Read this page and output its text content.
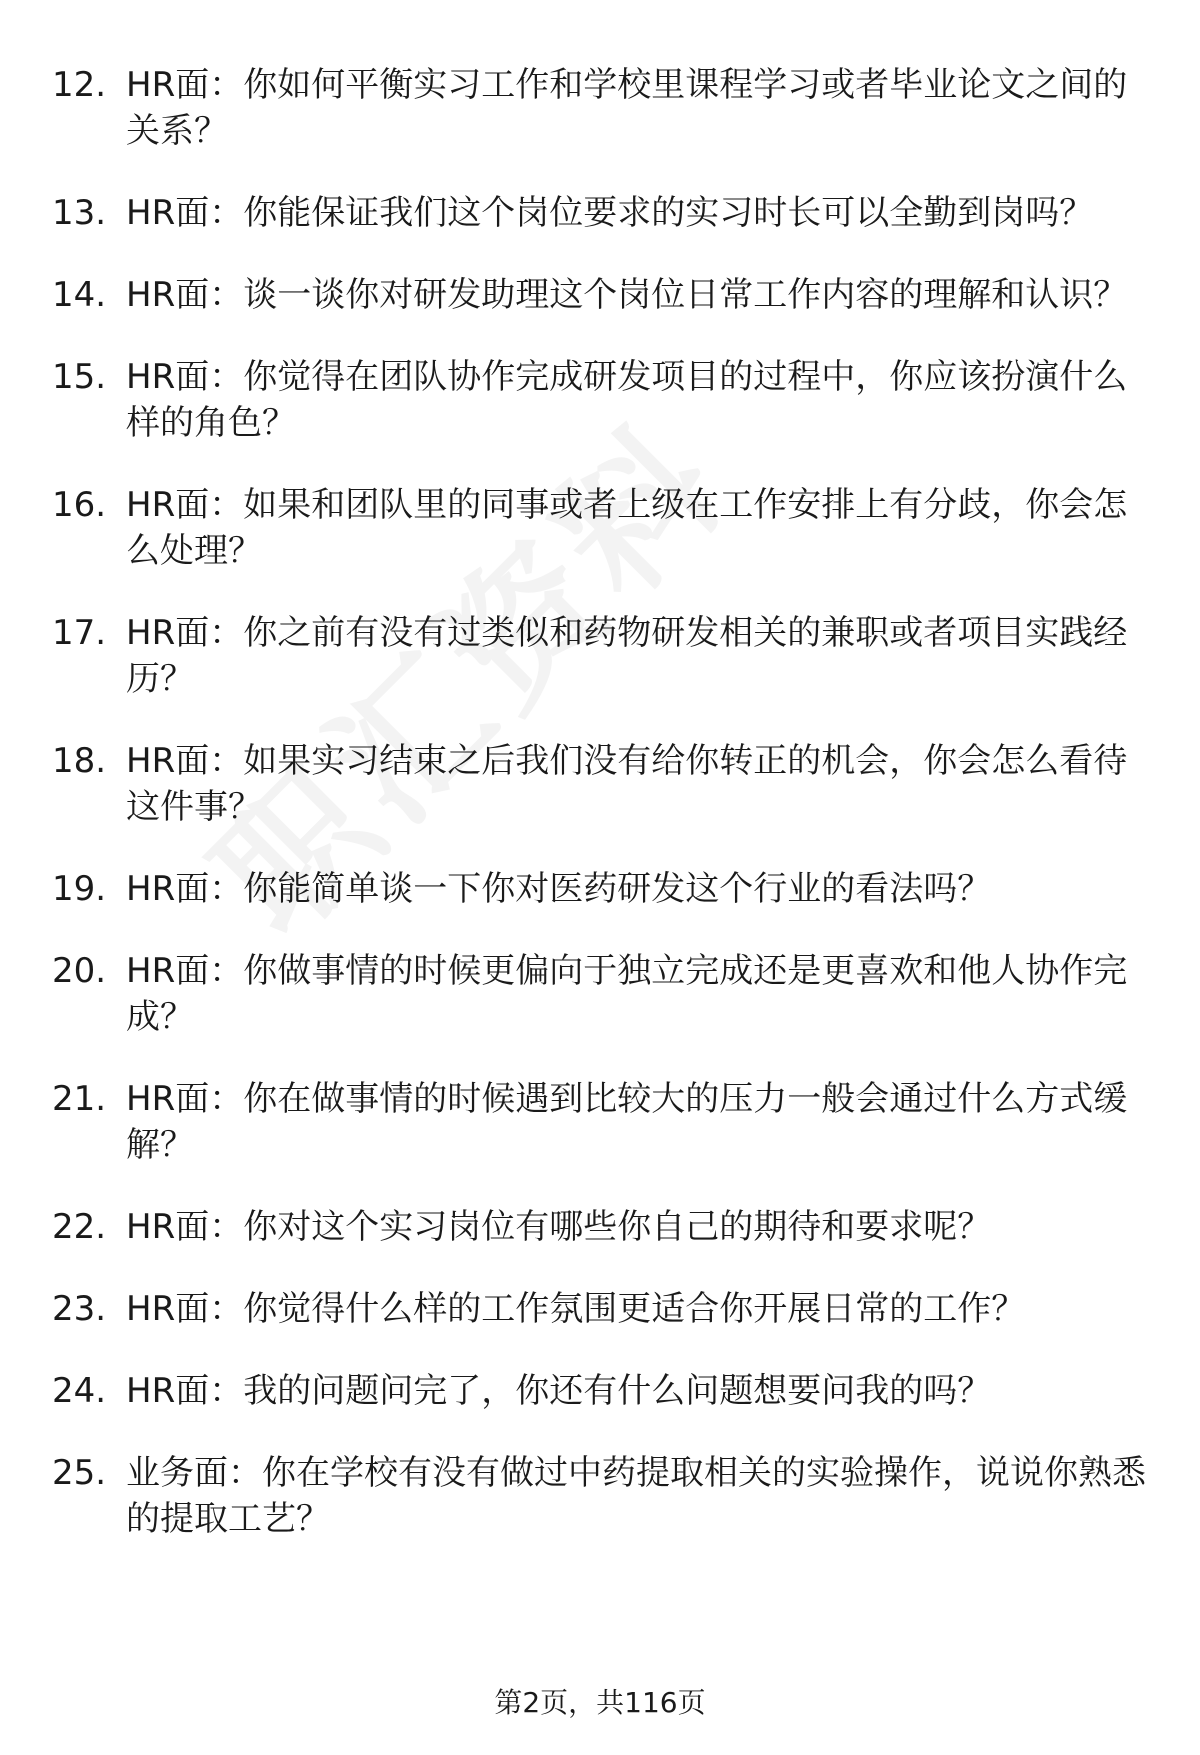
12. HR面：你如何平衡实习工作和学校里课程学习或者毕业论文之间的关系？
13. HR面：你能保证我们这个岗位要求的实习时长可以全勤到岗吗？
14. HR面：谈一谈你对研发助理这个岗位日常工作内容的理解和认识？
15. HR面：你觉得在团队协作完成研发项目的过程中，你应该扮演什么样的角色？
16. HR面：如果和团队里的同事或者上级在工作安排上有分歧，你会怎么处理？
17. HR面：你之前有没有过类似和药物研发相关的兼职或者项目实践经历？
18. HR面：如果实习结束之后我们没有给你转正的机会，你会怎么看待这件事？
19. HR面：你能简单谈一下你对医药研发这个行业的看法吗？
20. HR面：你做事情的时候更偏向于独立完成还是更喜欢和他人协作完成？
21. HR面：你在做事情的时候遇到比较大的压力一般会通过什么方式缓解？
22. HR面：你对这个实习岗位有哪些你自己的期待和要求呢？
23. HR面：你觉得什么样的工作氛围更适合你开展日常的工作？
24. HR面：我的问题问完了，你还有什么问题想要问我的吗？
25. 业务面：你在学校有没有做过中药提取相关的实验操作，说说你熟悉的提取工艺？
第2页，共116页
